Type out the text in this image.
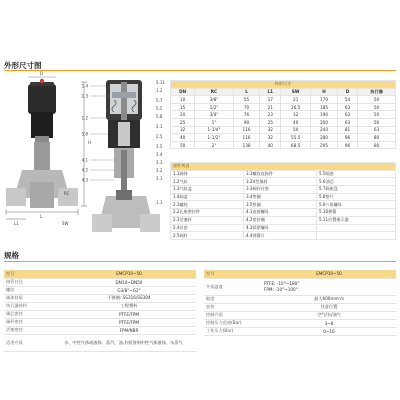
外形尺寸图
1.4
1.3
1.2
5.6
4.1
4.2
4.3
5.11
1.2
5.7
5.5
5.8
2.1
2.5
3.5
3.4
3.3
3.2
3.1
1.1
H
D
L
L1	SW
RC
外形尺寸							
DN	RC	L	L1	SW	H	D	执行器
10	3/8"	55	17	21	170	54	50
15	1/2"	70	21	26.5	185	63	50
20	3/4"	76	23	32	190	63	50
25	1"	90	25	40	200	63	50
32	1-1/4"	116	32	50	240	81	63
40	1-1/2"	116	32	55.5	280	96	80
50	2"	138	40	68.5	295	96	80
部件列表		
1.1阀体	3.1螺纹连接件	5.5隔套
1.2气缸	3.2V型填料	5.6油芯
1.3气缸盖	3.3阀杆衬套	5.7阀座盘
1.4阀盖	3.4垫圈	5.8垫片
2.1螺栓	3.5垫圈	5.9六角螺母
2.2孔座密封件	4.1连接螺母	5.10弹簧
2.3活塞杆	4.2密封圈	5.11位置指示器
2.4衬套	4.3锁紧螺母	
2.5阀杆	4.4弹簧片	
规格
型号	EMCP10~50
接管口径	DN10~DN50
螺纹	G3/8"~G2"
阀体材质	不锈钢: SS316/SS304
执行器材料	工程塑料
阀芯密封	PTFE/FPM
阀杆密封	PTFE/FPM
活塞密封	FPM/NBR
适用介质	水、中性气体或液体、蒸汽、油,有机溶剂中性气体液体、水蒸气
型号	EMCP10~50
介质温度	PTFE: -10°~180°
FPM: -10°~100°
粘度	最大600mm²/s
安装	任意位置
控制介质	空气/水/油气
控制压力范围(Bar)	3~8
工作压力(Bar)	0~16
